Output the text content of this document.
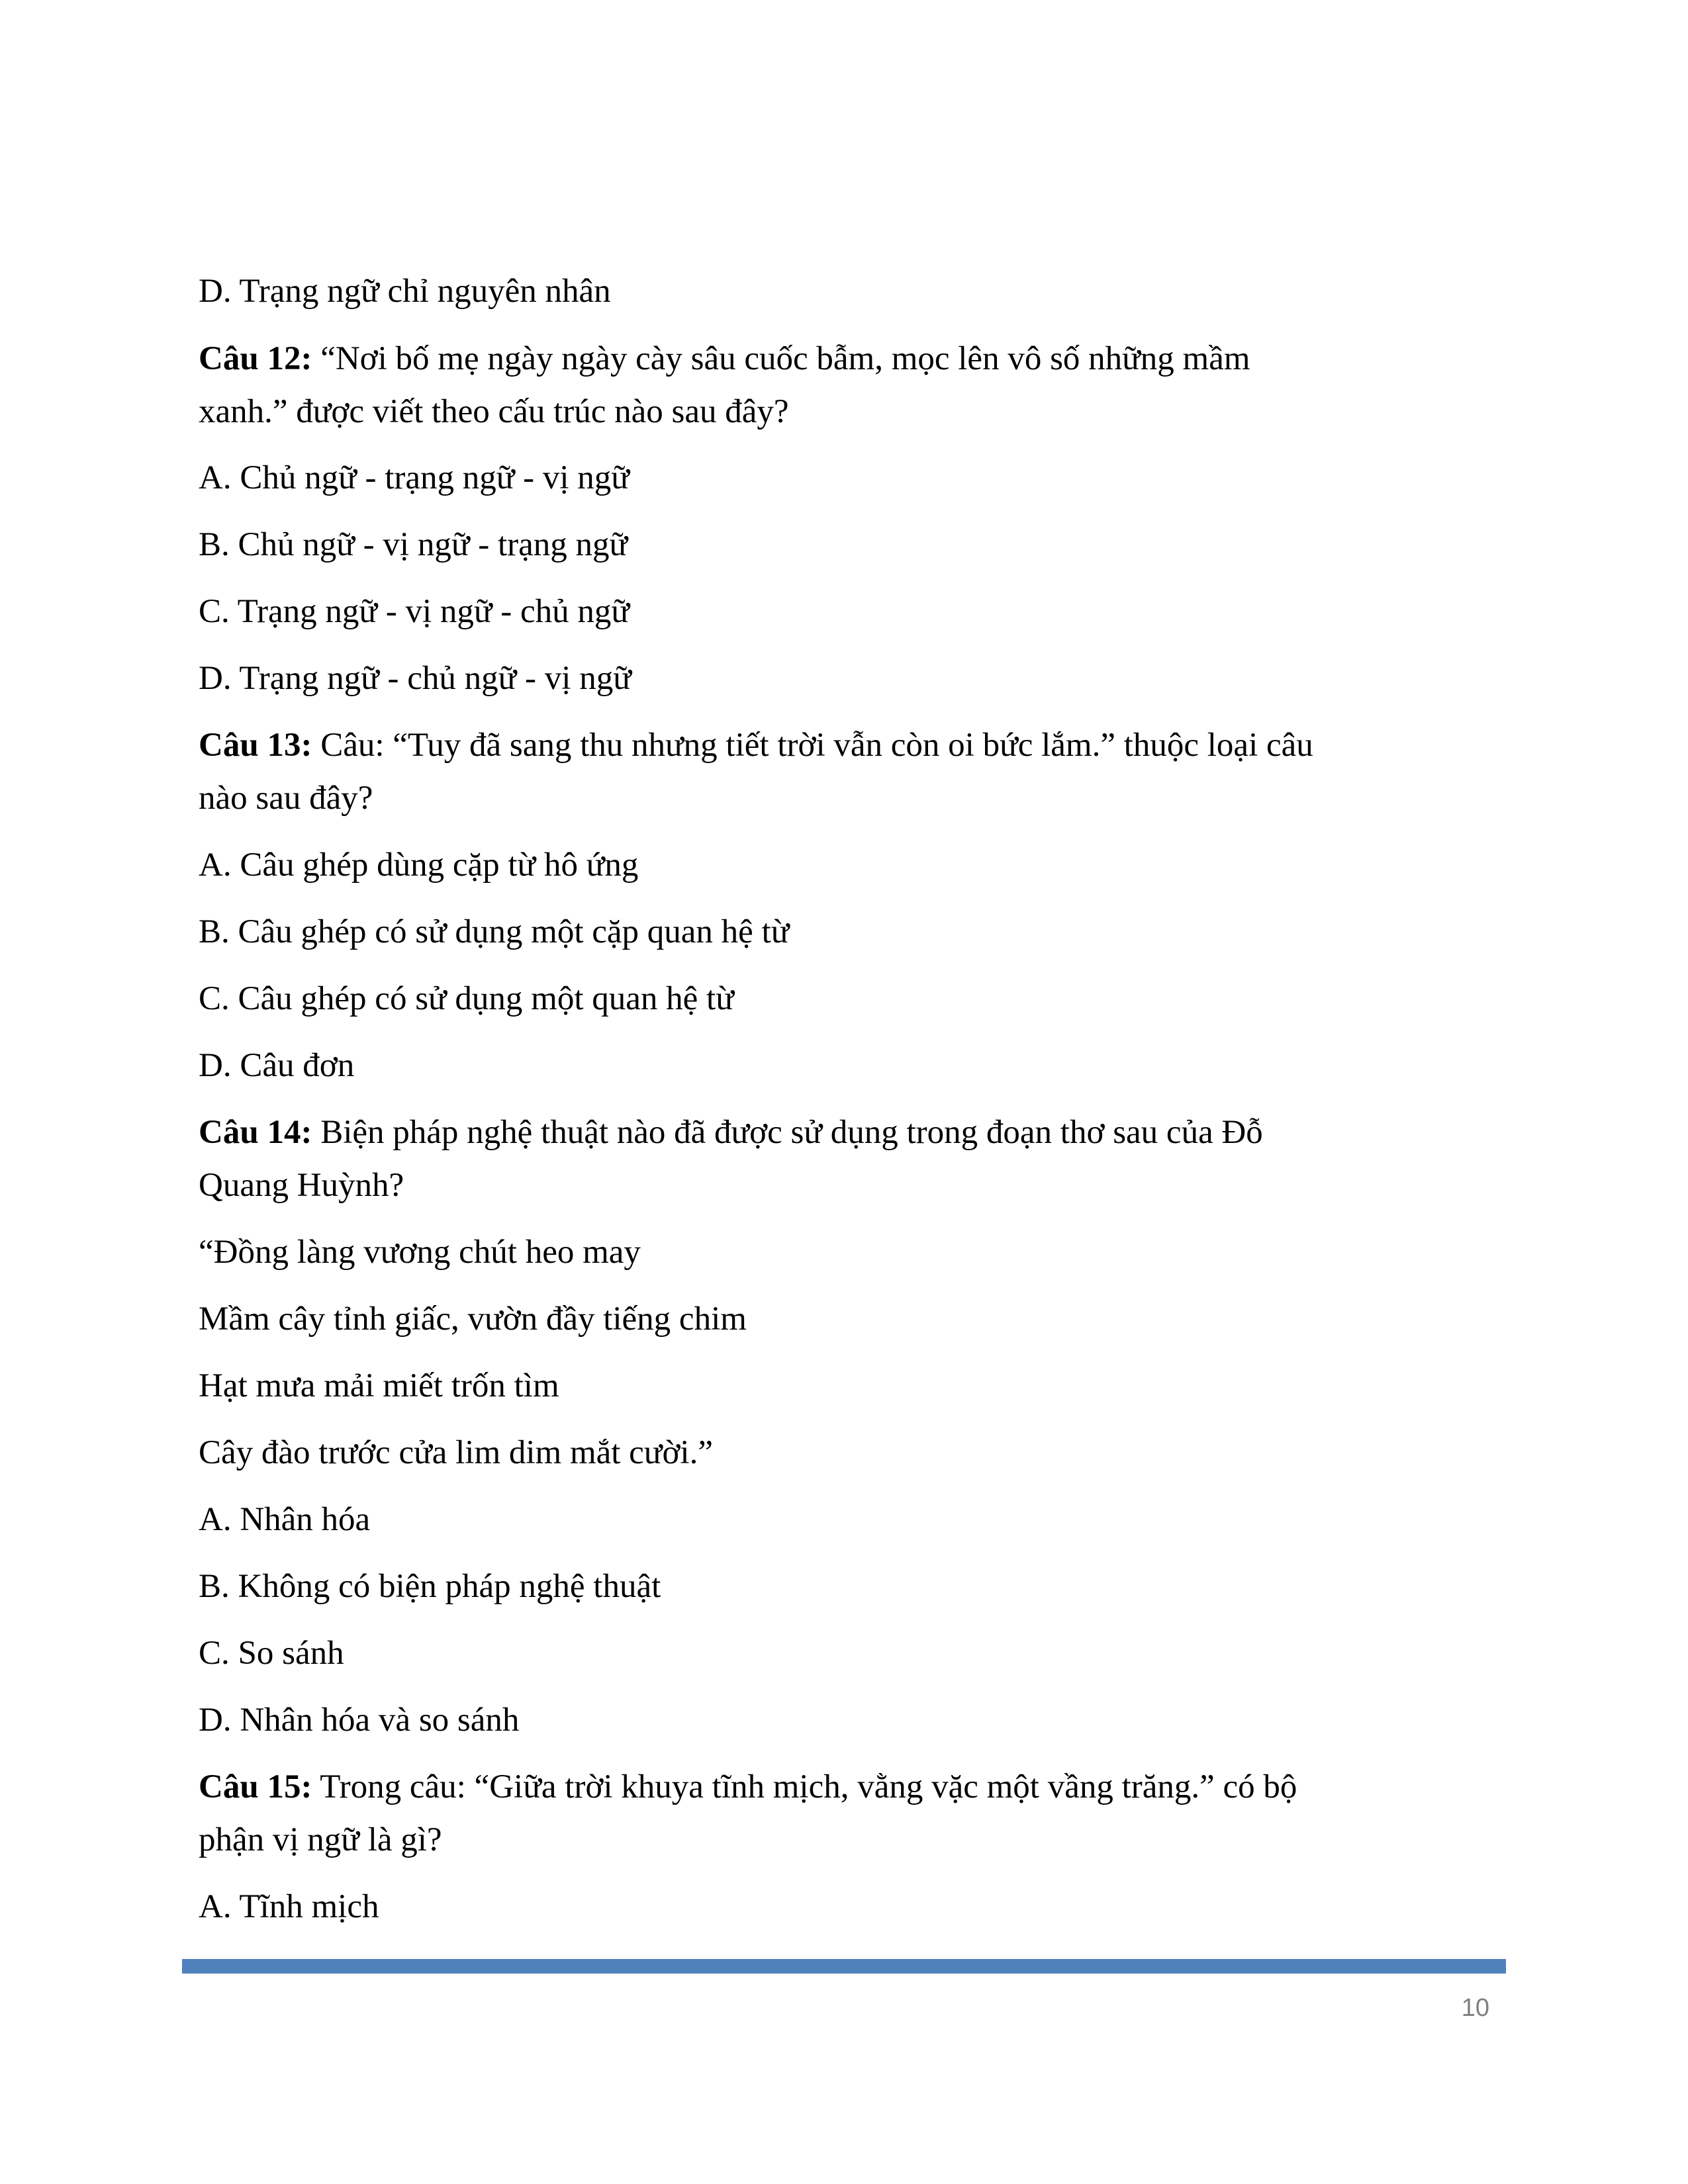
D. Trạng ngữ chỉ nguyên nhân
Câu 12: “Nơi bố mẹ ngày ngày cày sâu cuốc bẫm, mọc lên vô số những mầm
xanh.” được viết theo cấu trúc nào sau đây?
A. Chủ ngữ - trạng ngữ - vị ngữ
B. Chủ ngữ - vị ngữ - trạng ngữ
C. Trạng ngữ - vị ngữ - chủ ngữ
D. Trạng ngữ - chủ ngữ - vị ngữ
Câu 13: Câu: “Tuy đã sang thu nhưng tiết trời vẫn còn oi bức lắm.” thuộc loại câu
nào sau đây?
A. Câu ghép dùng cặp từ hô ứng
B. Câu ghép có sử dụng một cặp quan hệ từ
C. Câu ghép có sử dụng một quan hệ từ
D. Câu đơn
Câu 14: Biện pháp nghệ thuật nào đã được sử dụng trong đoạn thơ sau của Đỗ
Quang Huỳnh?
“Đồng làng vương chút heo may
Mầm cây tỉnh giấc, vườn đầy tiếng chim
Hạt mưa mải miết trốn tìm
Cây đào trước cửa lim dim mắt cười.”
A. Nhân hóa
B. Không có biện pháp nghệ thuật
C. So sánh
D. Nhân hóa và so sánh
Câu 15: Trong câu: “Giữa trời khuya tĩnh mịch, vằng vặc một vầng trăng.” có bộ
phận vị ngữ là gì?
A. Tĩnh mịch
10
